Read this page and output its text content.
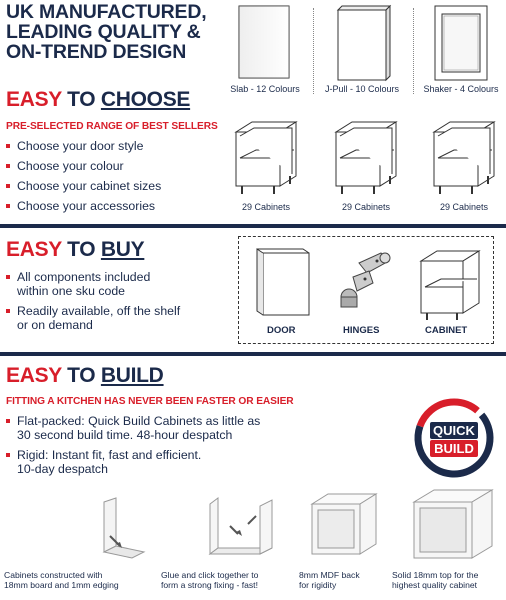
UK MANUFACTURED,
LEADING QUALITY &
ON-TREND DESIGN
EASY TO CHOOSE
PRE-SELECTED RANGE OF BEST SELLERS
Choose your door style
Choose your colour
Choose your cabinet sizes
Choose your accessories
Slab - 12 Colours	J-Pull - 10 Colours	Shaker - 4 Colours
29 Cabinets	29 Cabinets	29 Cabinets
EASY TO BUY
All components included
within one sku code
Readily available, off the shelf
or on demand	DOOR	HINGES	CABINET
EASY TO BUILD
FITTING A KITCHEN HAS NEVER BEEN FASTER OR EASIER
Flat-packed: Quick Build Cabinets as little as
30 second build time. 48-hour despatch
Rigid: Instant fit, fast and efficient.
10-day despatch
QUICK
BUILD
Cabinets constructed with
18mm board and 1mm edging
Glue and click together to
form a strong fixing - fast!
8mm MDF back
for rigidity
Solid 18mm top for the
highest quality cabinet
